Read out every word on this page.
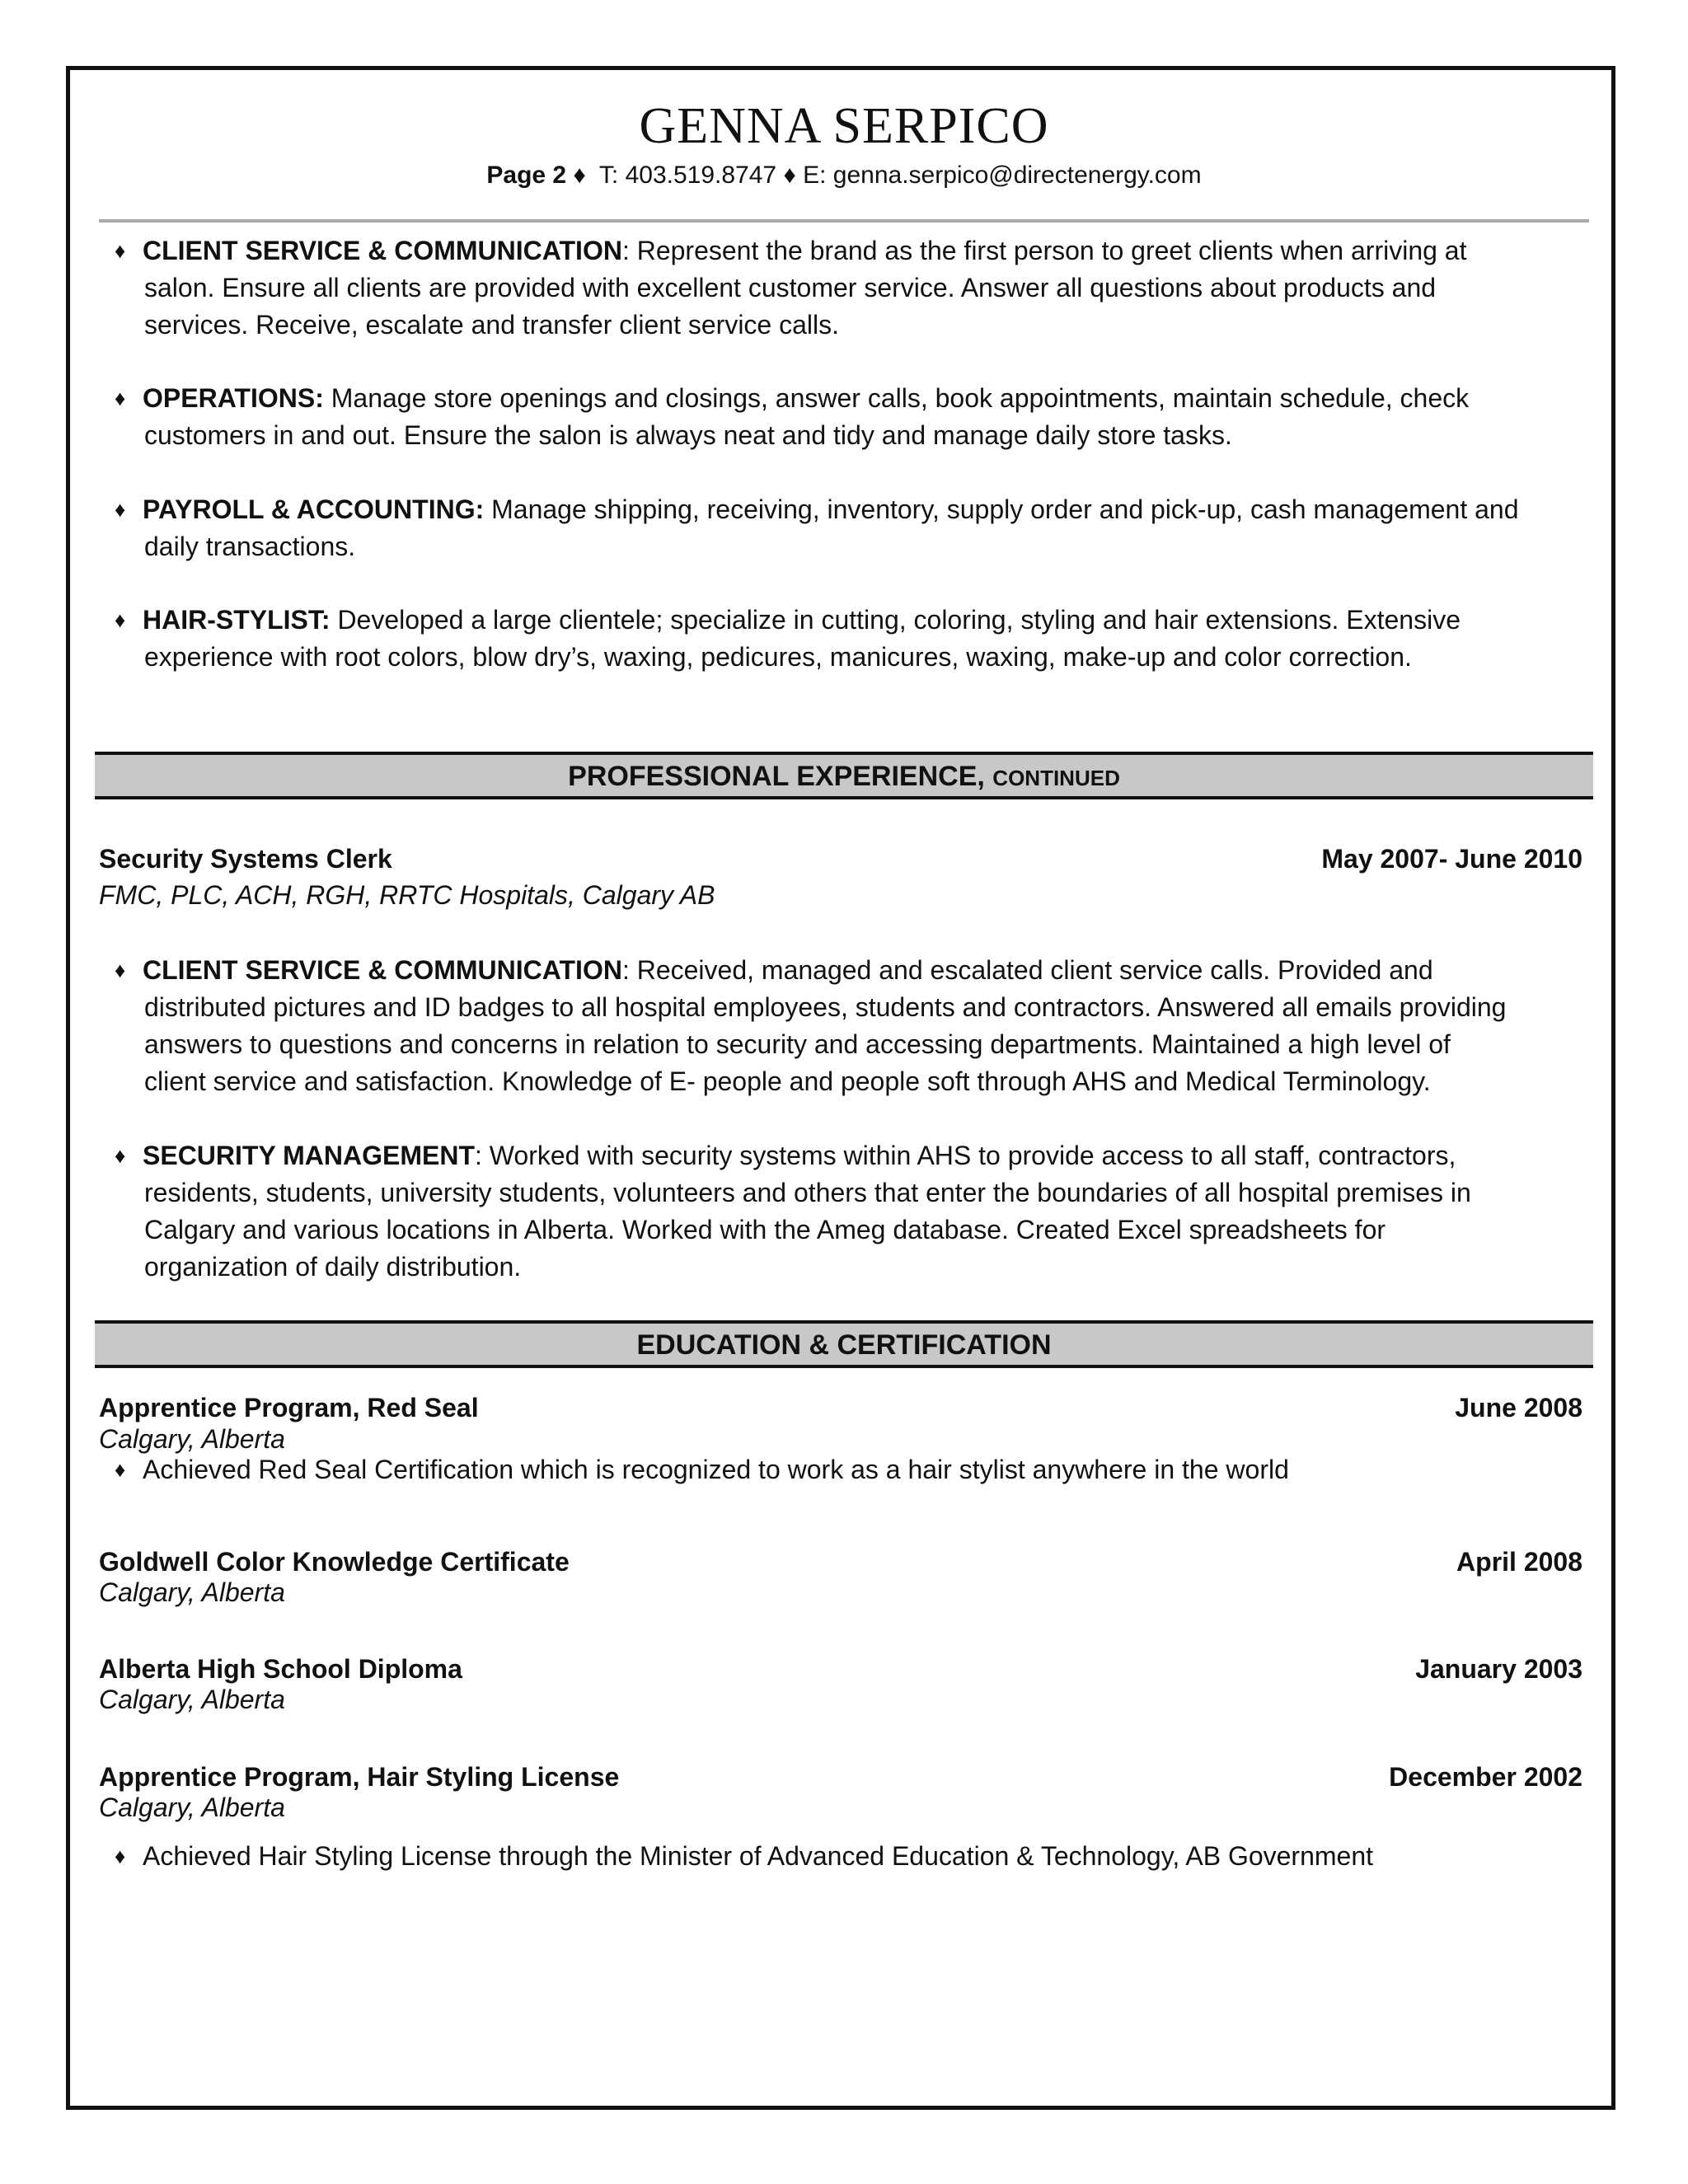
GENNA SERPICO
Page 2 ♦ T: 403.519.8747 ♦ E: genna.serpico@directenergy.com
♦ CLIENT SERVICE & COMMUNICATION: Represent the brand as the first person to greet clients when arriving at
salon. Ensure all clients are provided with excellent customer service. Answer all questions about products and
services. Receive, escalate and transfer client service calls.
♦ OPERATIONS: Manage store openings and closings, answer calls, book appointments, maintain schedule, check
customers in and out. Ensure the salon is always neat and tidy and manage daily store tasks.
♦ PAYROLL & ACCOUNTING: Manage shipping, receiving, inventory, supply order and pick-up, cash management and
daily transactions.
♦ HAIR-STYLIST: Developed a large clientele; specialize in cutting, coloring, styling and hair extensions. Extensive
experience with root colors, blow dry’s, waxing, pedicures, manicures, waxing, make-up and color correction.
PROFESSIONAL EXPERIENCE, CONTINUED
Security Systems Clerk	May 2007- June 2010
FMC, PLC, ACH, RGH, RRTC Hospitals, Calgary AB
♦ CLIENT SERVICE & COMMUNICATION: Received, managed and escalated client service calls. Provided and
distributed pictures and ID badges to all hospital employees, students and contractors. Answered all emails providing
answers to questions and concerns in relation to security and accessing departments. Maintained a high level of
client service and satisfaction. Knowledge of E- people and people soft through AHS and Medical Terminology.
♦ SECURITY MANAGEMENT: Worked with security systems within AHS to provide access to all staff, contractors,
residents, students, university students, volunteers and others that enter the boundaries of all hospital premises in
Calgary and various locations in Alberta. Worked with the Ameg database. Created Excel spreadsheets for
organization of daily distribution.
EDUCATION & CERTIFICATION
Apprentice Program, Red Seal	June 2008
Calgary, Alberta
♦ Achieved Red Seal Certification which is recognized to work as a hair stylist anywhere in the world
Goldwell Color Knowledge Certificate	April 2008
Calgary, Alberta
Alberta High School Diploma	January 2003
Calgary, Alberta
Apprentice Program, Hair Styling License	December 2002
Calgary, Alberta
♦ Achieved Hair Styling License through the Minister of Advanced Education & Technology, AB Government
